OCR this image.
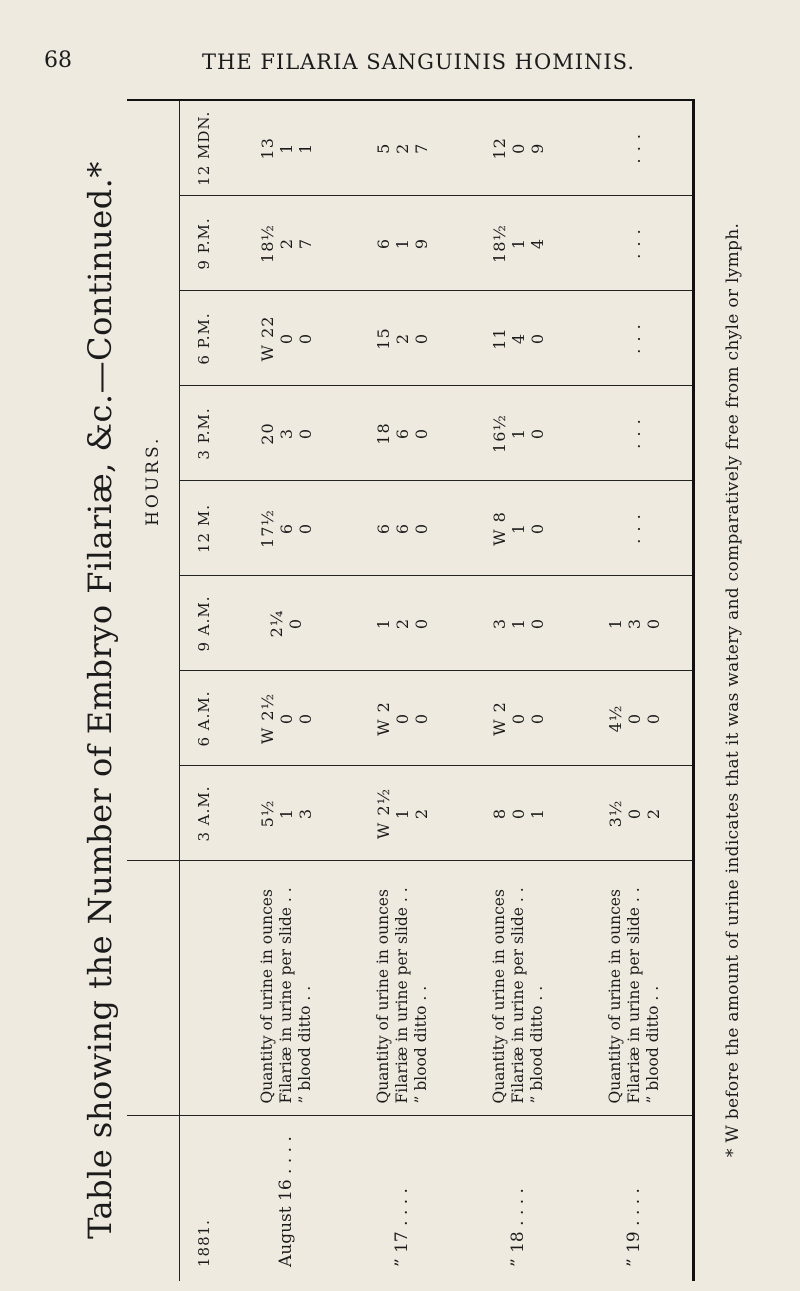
68	THE FILARIA SANGUINIS HOMINIS.
Table showing the Number of Embryo Filariæ, &c.—Continued.*
		HOURS.							
1881.		3 A.M.	6 A.M.	9 A.M.	12 M.	3 P.M.	6 P.M.	9 P.M.	12 MDN.
August 16 . . . .	Quantity of urine in ounces Filariæ in urine per slide . . ” blood ditto . .	5½ 1 3	W 2½ 0 0	2¼ 0	17½ 6 0	20 3 0	W 22 0 0	18½ 2 7	13 1 1

” 17 . . . .	Quantity of urine in ounces Filariæ in urine per slide . . ” blood ditto . .	W 2½ 1 2	W 2 0 0	1 2 0	6 6 0	18 6 0	15 2 0	6 1 9	5 2 7

” 18 . . . .	Quantity of urine in ounces Filariæ in urine per slide . . ” blood ditto . .	8 0 1	W 2 0 0	3 1 0	W 8 1 0	16½ 1 0	11 4 0	18½ 1 4	12 0 9

” 19 . . . .	Quantity of urine in ounces Filariæ in urine per slide . . ” blood ditto . .	3½ 0 2	4½ 0 0	1 3 0	. . .	. . .	. . .	. . .	. . .
* W before the amount of urine indicates that it was watery and comparatively free from chyle or lymph.
